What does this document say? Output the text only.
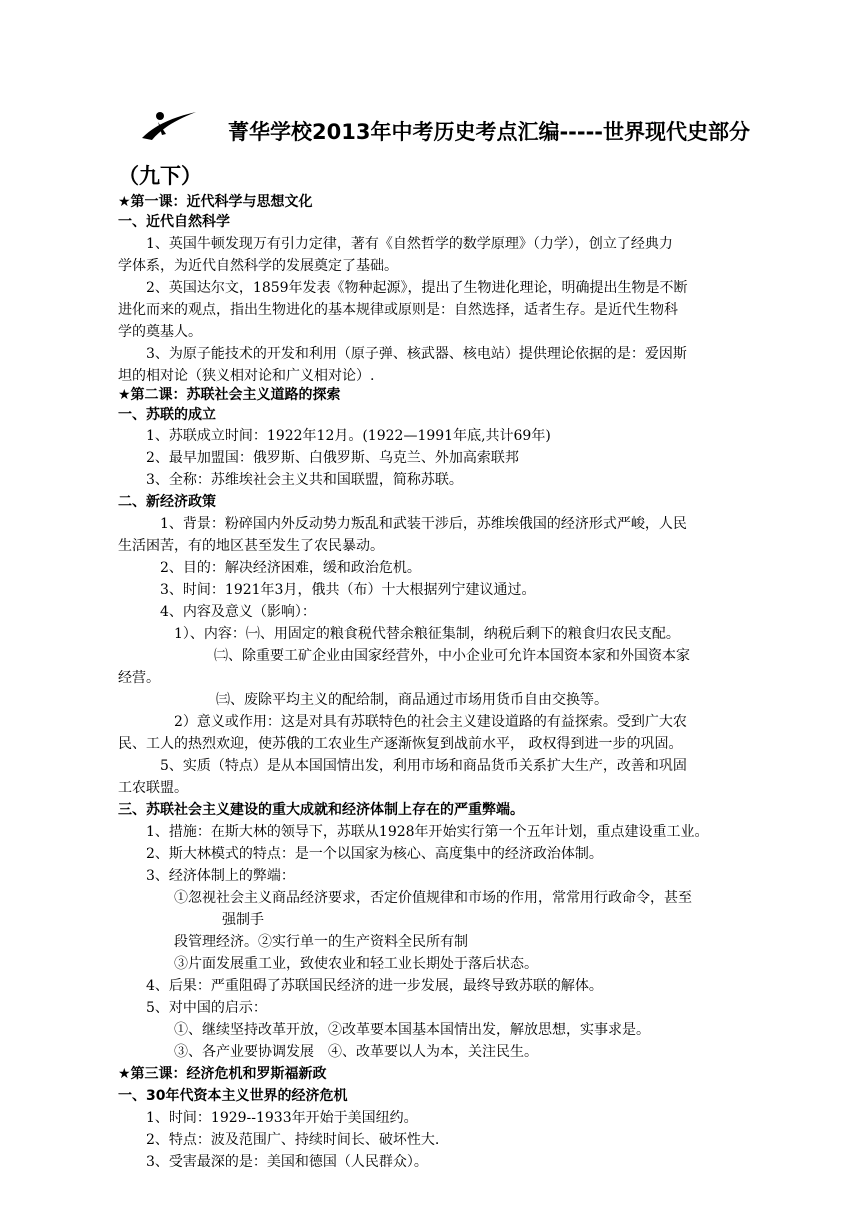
菁华学校2013年中考历史考点汇编-----世界现代史部分
（九下）
★第一课：近代科学与思想文化
一、近代自然科学
1、英国牛顿发现万有引力定律，著有《自然哲学的数学原理》（力学），创立了经典力
学体系，为近代自然科学的发展奠定了基础。
2、英国达尔文，1859年发表《物种起源》，提出了生物进化理论，明确提出生物是不断
进化而来的观点，指出生物进化的基本规律或原则是：自然选择，适者生存。是近代生物科
学的奠基人。
3、为原子能技术的开发和利用（原子弹、核武器、核电站）提供理论依据的是：爱因斯
坦的相对论（狭义相对论和广义相对论）.
★第二课：苏联社会主义道路的探索
一、苏联的成立
1、苏联成立时间：1922年12月。(1922—1991年底,共计69年)
2、最早加盟国：俄罗斯、白俄罗斯、乌克兰、外加高索联邦
3、全称：苏维埃社会主义共和国联盟，简称苏联。
二、新经济政策
1、背景：粉碎国内外反动势力叛乱和武装干涉后，苏维埃俄国的经济形式严峻，人民
生活困苦，有的地区甚至发生了农民暴动。
2、目的：解决经济困难，缓和政治危机。
3、时间：1921年3月，俄共（布）十大根据列宁建议通过。
4、内容及意义（影响）：
1）、内容：㈠、用固定的粮食税代替余粮征集制，纳税后剩下的粮食归农民支配。
㈡、除重要工矿企业由国家经营外，中小企业可允许本国资本家和外国资本家
经营。
㈢、废除平均主义的配给制，商品通过市场用货币自由交换等。
2）意义或作用：这是对具有苏联特色的社会主义建设道路的有益探索。受到广大农
民、工人的热烈欢迎，使苏俄的工农业生产逐渐恢复到战前水平， 政权得到进一步的巩固。
5、实质（特点）是从本国国情出发，利用市场和商品货币关系扩大生产，改善和巩固
工农联盟。
三、苏联社会主义建设的重大成就和经济体制上存在的严重弊端。
1、措施：在斯大林的领导下，苏联从1928年开始实行第一个五年计划，重点建设重工业。
2、斯大林模式的特点：是一个以国家为核心、高度集中的经济政治体制。
3、经济体制上的弊端：
①忽视社会主义商品经济要求，否定价值规律和市场的作用，常常用行政命令，甚至
强制手
段管理经济。②实行单一的生产资料全民所有制
③片面发展重工业，致使农业和轻工业长期处于落后状态。
4、后果：严重阻碍了苏联国民经济的进一步发展，最终导致苏联的解体。
5、对中国的启示：
①、继续坚持改革开放， ②改革要本国基本国情出发，解放思想，实事求是。
③、各产业要协调发展	④、改革要以人为本，关注民生。
★第三课：经济危机和罗斯福新政
一、30年代资本主义世界的经济危机
1、时间：1929--1933年开始于美国纽约。
2、特点：波及范围广、持续时间长、破坏性大.
3、受害最深的是：美国和德国（人民群众）。
